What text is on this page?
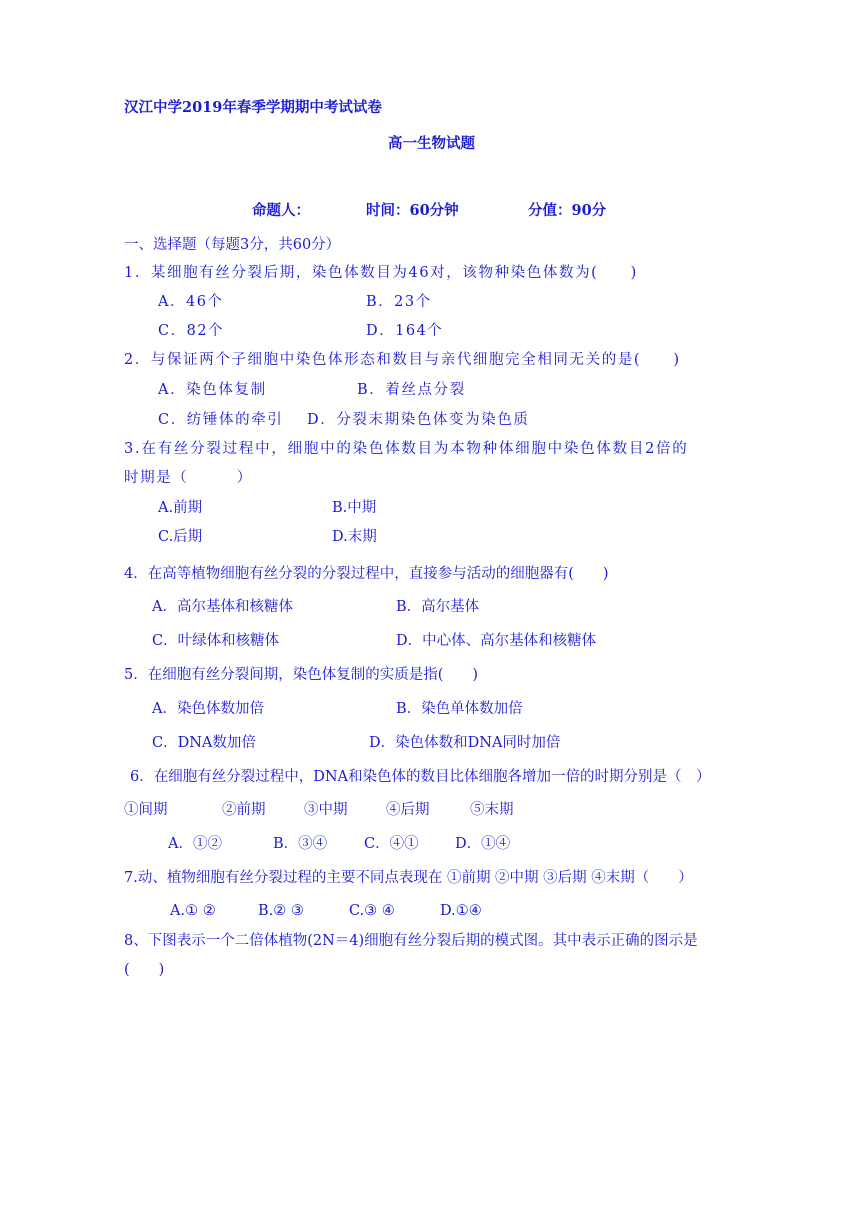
汉江中学2019年春季学期期中考试试卷
高一生物试题
命题人：	时间：60分钟	分值：90分
一、选择题（每题3分，共60分）
1．某细胞有丝分裂后期，染色体数目为46对，该物种染色体数为(　　)
A．46个	B．23个
C．82个	D．164个
2．与保证两个子细胞中染色体形态和数目与亲代细胞完全相同无关的是(　　)
A．染色体复制	B．着丝点分裂
C．纺锤体的牵引 D．分裂末期染色体变为染色质
3.在有丝分裂过程中，细胞中的染色体数目为本物种体细胞中染色体数目2倍的
时期是（　　　）
A.前期	B.中期
C.后期	D.末期
4．在高等植物细胞有丝分裂的分裂过程中，直接参与活动的细胞器有(　　)
A．高尔基体和核糖体	B．高尔基体
C．叶绿体和核糖体	D．中心体、高尔基体和核糖体
5．在细胞有丝分裂间期，染色体复制的实质是指(　　)
A．染色体数加倍	B．染色单体数加倍
C．DNA数加倍	D．染色体数和DNA同时加倍
6．在细胞有丝分裂过程中，DNA和染色体的数目比体细胞各增加一倍的时期分别是（　）
①间期	②前期	③中期	④后期	⑤末期
A．①②	B．③④	C．④①	D．①④
7.动、植物细胞有丝分裂过程的主要不同点表现在 ①前期 ②中期 ③后期 ④末期（　　）
A.① ②	B.② ③	C.③ ④	D.①④
8、下图表示一个二倍体植物(2N＝4)细胞有丝分裂后期的模式图。其中表示正确的图示是
(　　)
